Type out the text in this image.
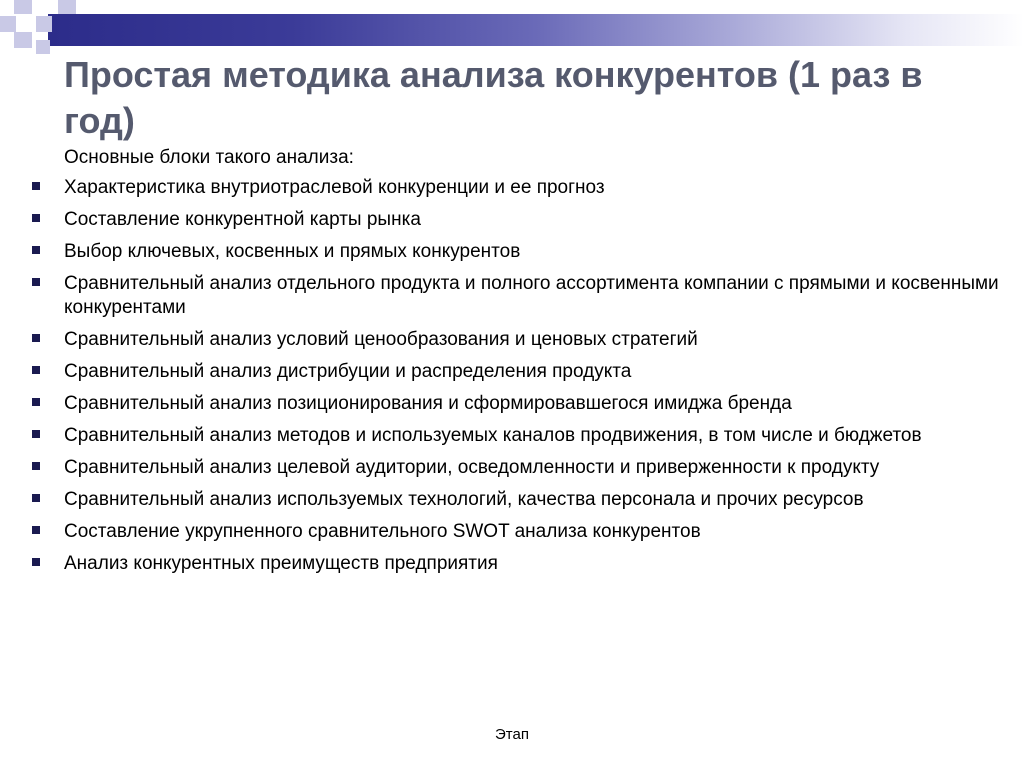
Простая методика анализа конкурентов (1 раз в год)

Основные блоки такого анализа:

Характеристика внутриотраслевой конкуренции и ее прогноз
Составление конкурентной карты рынка
Выбор ключевых, косвенных и прямых конкурентов
Сравнительный анализ отдельного продукта и полного ассортимента компании с прямыми и косвенными конкурентами
Сравнительный анализ условий ценообразования и ценовых стратегий
Сравнительный анализ дистрибуции и распределения продукта
Сравнительный анализ позиционирования и сформировавшегося имиджа бренда
Сравнительный анализ методов и используемых каналов продвижения, в том числе и бюджетов
Сравнительный анализ целевой аудитории, осведомленности и приверженности к продукту
Сравнительный анализ используемых технологий, качества персонала и прочих ресурсов
Составление укрупненного сравнительного SWOT анализа конкурентов
Анализ конкурентных преимуществ предприятия
Этап
